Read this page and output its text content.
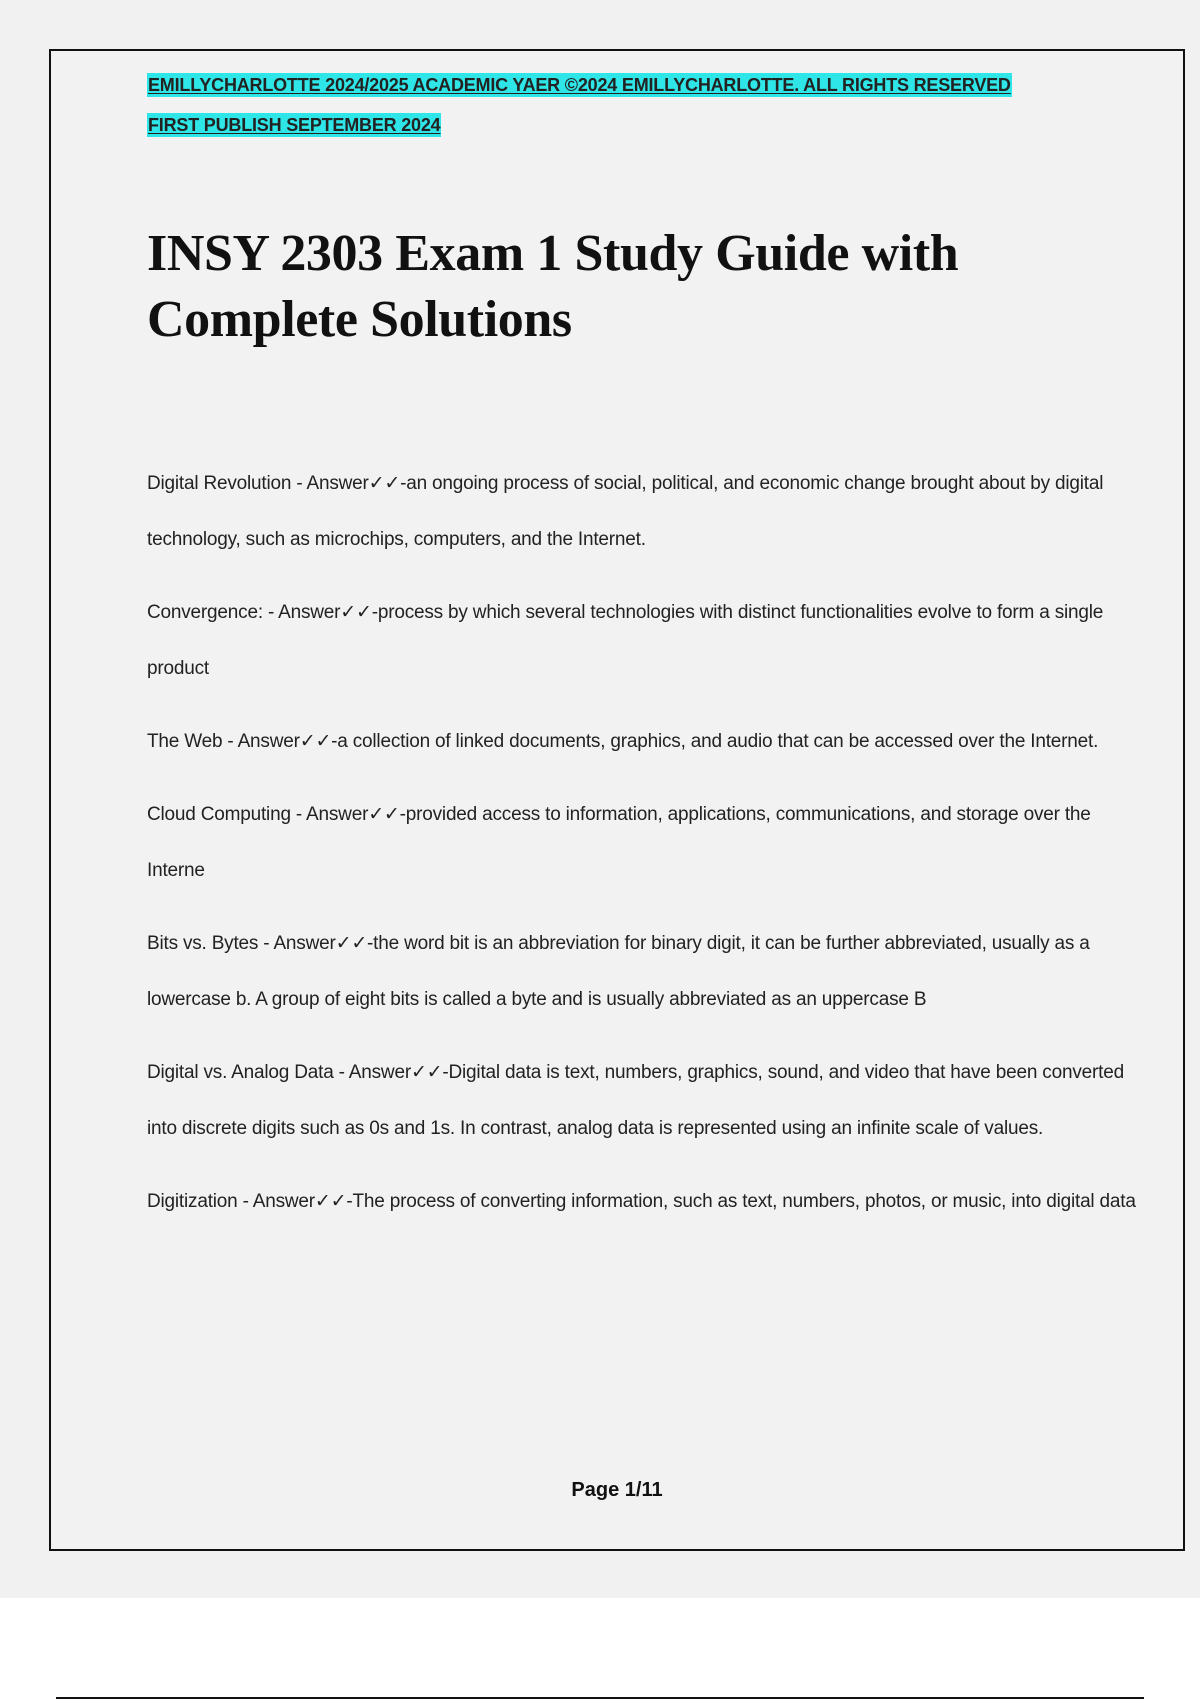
EMILLYCHARLOTTE 2024/2025 ACADEMIC YAER ©2024 EMILLYCHARLOTTE. ALL RIGHTS RESERVED
FIRST PUBLISH SEPTEMBER 2024
INSY 2303 Exam 1 Study Guide with Complete Solutions

Digital Revolution - Answer✓✓-an ongoing process of social, political, and economic change brought about by digital technology, such as microchips, computers, and the Internet.

Convergence: - Answer✓✓-process by which several technologies with distinct functionalities evolve to form a single product

The Web - Answer✓✓-a collection of linked documents, graphics, and audio that can be accessed over the Internet.

Cloud Computing - Answer✓✓-provided access to information, applications, communications, and storage over the Interne

Bits vs. Bytes - Answer✓✓-the word bit is an abbreviation for binary digit, it can be further abbreviated, usually as a lowercase b. A group of eight bits is called a byte and is usually abbreviated as an uppercase B

Digital vs. Analog Data - Answer✓✓-Digital data is text, numbers, graphics, sound, and video that have been converted into discrete digits such as 0s and 1s. In contrast, analog data is represented using an infinite scale of values.

Digitization - Answer✓✓-The process of converting information, such as text, numbers, photos, or music, into digital data

Page 1/11
